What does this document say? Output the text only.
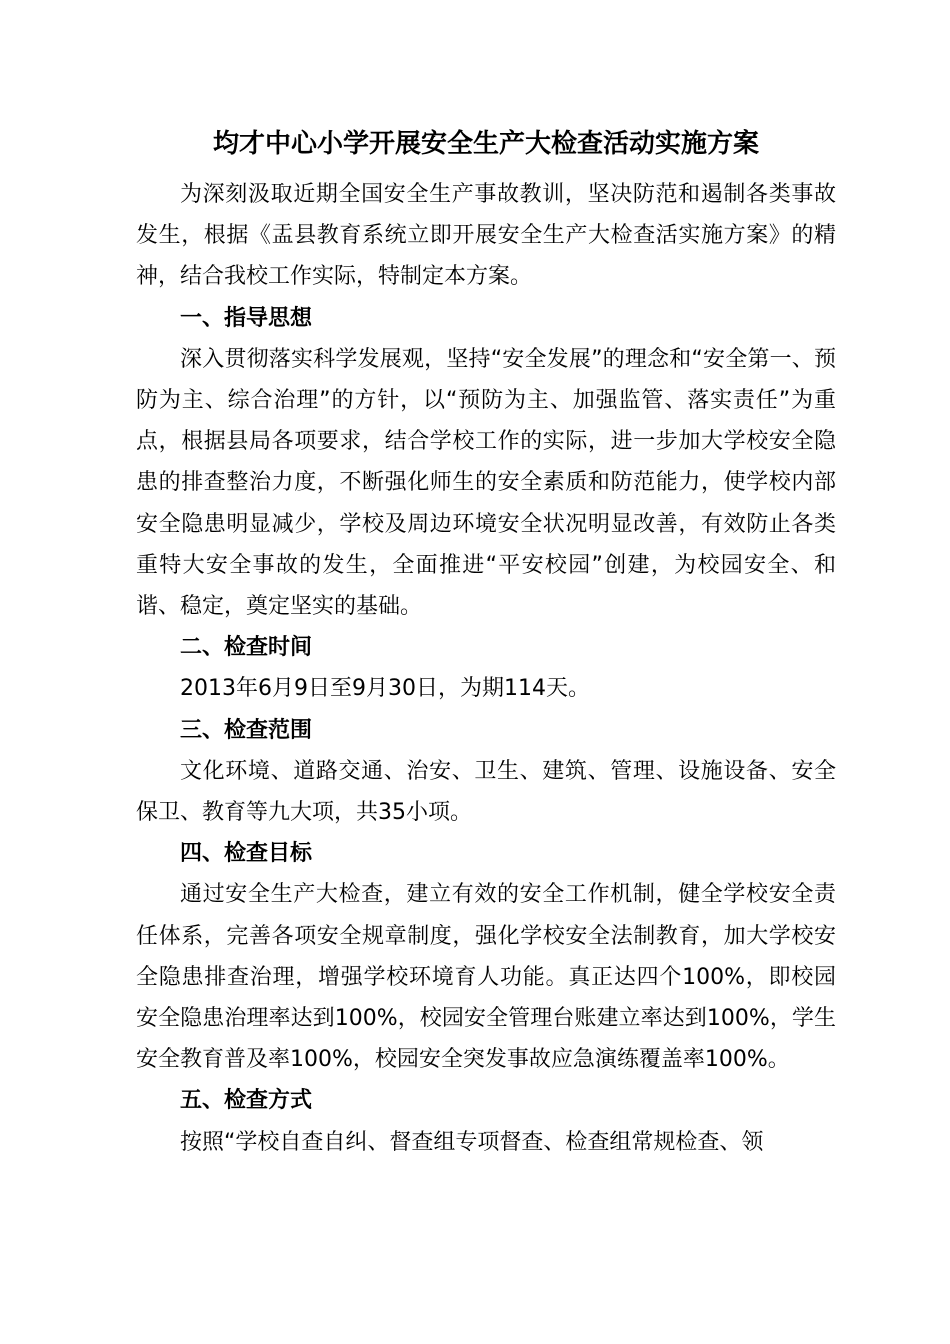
均才中心小学开展安全生产大检查活动实施方案

为深刻汲取近期全国安全生产事故教训，坚决防范和遏制各类事故发生，根据《盂县教育系统立即开展安全生产大检查活实施方案》的精神，结合我校工作实际，特制定本方案。

一、指导思想

深入贯彻落实科学发展观，坚持“安全发展”的理念和“安全第一、预防为主、综合治理”的方针，以“预防为主、加强监管、落实责任”为重点，根据县局各项要求，结合学校工作的实际，进一步加大学校安全隐患的排查整治力度，不断强化师生的安全素质和防范能力，使学校内部安全隐患明显减少，学校及周边环境安全状况明显改善，有效防止各类重特大安全事故的发生，全面推进“平安校园”创建，为校园安全、和谐、稳定，奠定坚实的基础。

二、检查时间

2013年6月9日至9月30日，为期114天。

三、检查范围

文化环境、道路交通、治安、卫生、建筑、管理、设施设备、安全保卫、教育等九大项，共35小项。

四、检查目标

通过安全生产大检查，建立有效的安全工作机制，健全学校安全责任体系，完善各项安全规章制度，强化学校安全法制教育，加大学校安全隐患排查治理，增强学校环境育人功能。真正达四个100%，即校园安全隐患治理率达到100%，校园安全管理台账建立率达到100%，学生安全教育普及率100%，校园安全突发事故应急演练覆盖率100%。

五、检查方式

按照“学校自查自纠、督查组专项督查、检查组常规检查、领
